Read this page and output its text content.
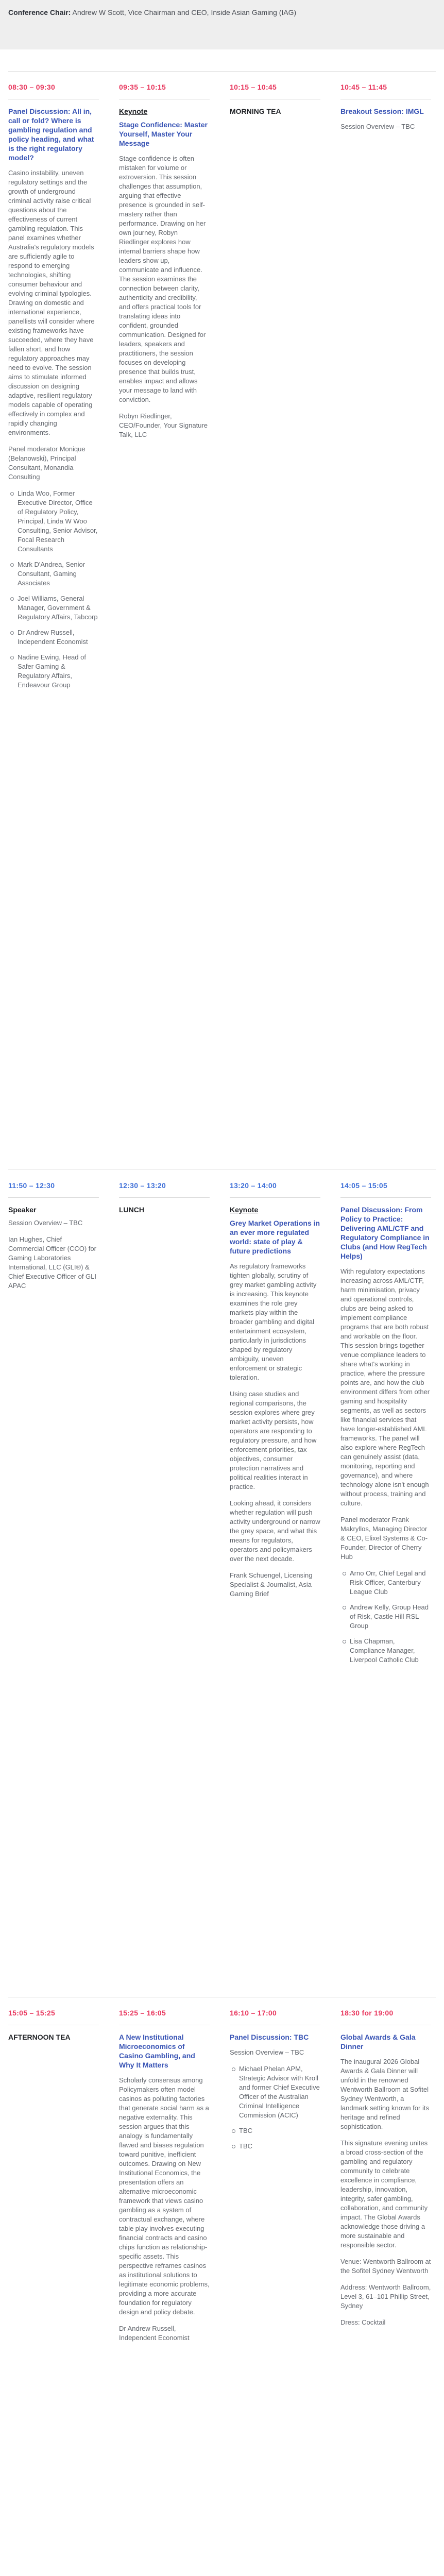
Conference Chair: Andrew W Scott, Vice Chairman and CEO, Inside Asian Gaming (IAG)
08:30 – 09:30
Panel Discussion: All in, call or fold? Where is gambling regulation and policy heading, and what is the right regulatory model?

Casino instability, uneven regulatory settings and the growth of underground criminal activity raise critical questions about the effectiveness of current gambling regulation. This panel examines whether Australia's regulatory models are sufficiently agile to respond to emerging technologies, shifting consumer behaviour and evolving criminal typologies. Drawing on domestic and international experience, panellists will consider where existing frameworks have succeeded, where they have fallen short, and how regulatory approaches may need to evolve. The session aims to stimulate informed discussion on designing adaptive, resilient regulatory models capable of operating effectively in complex and rapidly changing environments.

Panel moderator Monique (Belanowski), Principal Consultant, Monandia Consulting

Linda Woo, Former Executive Director, Office of Regulatory Policy, Principal, Linda W Woo Consulting, Senior Advisor, Focal Research Consultants
Mark D'Andrea, Senior Consultant, Gaming Associates
Joel Williams, General Manager, Government & Regulatory Affairs, Tabcorp
Dr Andrew Russell, Independent Economist
Nadine Ewing, Head of Safer Gaming & Regulatory Affairs, Endeavour Group
09:35 – 10:15
Keynote
Stage Confidence: Master Yourself, Master Your Message

Stage confidence is often mistaken for volume or extroversion. This session challenges that assumption, arguing that effective presence is grounded in self-mastery rather than performance. Drawing on her own journey, Robyn Riedlinger explores how internal barriers shape how leaders show up, communicate and influence. The session examines the connection between clarity, authenticity and credibility, and offers practical tools for translating ideas into confident, grounded communication. Designed for leaders, speakers and practitioners, the session focuses on developing presence that builds trust, enables impact and allows your message to land with conviction.

Robyn Riedlinger, CEO/Founder, Your Signature Talk, LLC

10:15 – 10:45
MORNING TEA
10:45 – 11:45
Breakout Session: IMGL

Session Overview – TBC

11:50 – 12:30
Speaker

Session Overview – TBC

Ian Hughes, Chief Commercial Officer (CCO) for Gaming Laboratories International, LLC (GLI®) & Chief Executive Officer of GLI APAC

12:30 – 13:20
LUNCH
13:20 – 14:00
Keynote
Grey Market Operations in an ever more regulated world: state of play & future predictions

As regulatory frameworks tighten globally, scrutiny of grey market gambling activity is increasing. This keynote examines the role grey markets play within the broader gambling and digital entertainment ecosystem, particularly in jurisdictions shaped by regulatory ambiguity, uneven enforcement or strategic toleration.

Using case studies and regional comparisons, the session explores where grey market activity persists, how operators are responding to regulatory pressure, and how enforcement priorities, tax objectives, consumer protection narratives and political realities interact in practice.

Looking ahead, it considers whether regulation will push activity underground or narrow the grey space, and what this means for regulators, operators and policymakers over the next decade.

Frank Schuengel, Licensing Specialist & Journalist, Asia Gaming Brief

14:05 – 15:05
Panel Discussion: From Policy to Practice: Delivering AML/CTF and Regulatory Compliance in Clubs (and How RegTech Helps)

With regulatory expectations increasing across AML/CTF, harm minimisation, privacy and operational controls, clubs are being asked to implement compliance programs that are both robust and workable on the floor. This session brings together venue compliance leaders to share what's working in practice, where the pressure points are, and how the club environment differs from other gaming and hospitality segments, as well as sectors like financial services that have longer-established AML frameworks. The panel will also explore where RegTech can genuinely assist (data, monitoring, reporting and governance), and where technology alone isn't enough without process, training and culture.

Panel moderator Frank Makryllos, Managing Director & CEO, Elixel Systems & Co-Founder, Director of Cherry Hub

Arno Orr, Chief Legal and Risk Officer, Canterbury League Club
Andrew Kelly, Group Head of Risk, Castle Hill RSL Group
Lisa Chapman, Compliance Manager, Liverpool Catholic Club
15:05 – 15:25
AFTERNOON TEA
15:25 – 16:05
A New Institutional Microeconomics of Casino Gambling, and Why It Matters

Scholarly consensus among Policymakers often model casinos as polluting factories that generate social harm as a negative externality. This session argues that this analogy is fundamentally flawed and biases regulation toward punitive, inefficient outcomes. Drawing on New Institutional Economics, the presentation offers an alternative microeconomic framework that views casino gambling as a system of contractual exchange, where table play involves executing financial contracts and casino chips function as relationship-specific assets. This perspective reframes casinos as institutional solutions to legitimate economic problems, providing a more accurate foundation for regulatory design and policy debate.

Dr Andrew Russell, Independent Economist

16:10 – 17:00
Panel Discussion: TBC

Session Overview – TBC

Michael Phelan APM, Strategic Advisor with Kroll and former Chief Executive Officer of the Australian Criminal Intelligence Commission (ACIC)
TBC
TBC
18:30 for 19:00
Global Awards & Gala Dinner

The inaugural 2026 Global Awards & Gala Dinner will unfold in the renowned Wentworth Ballroom at Sofitel Sydney Wentworth, a landmark setting known for its heritage and refined sophistication.

This signature evening unites a broad cross-section of the gambling and regulatory community to celebrate excellence in compliance, leadership, innovation, integrity, safer gambling, collaboration, and community impact. The Global Awards acknowledge those driving a more sustainable and responsible sector.

Venue: Wentworth Ballroom at the Sofitel Sydney Wentworth

Address: Wentworth Ballroom, Level 3, 61–101 Phillip Street, Sydney

Dress: Cocktail
